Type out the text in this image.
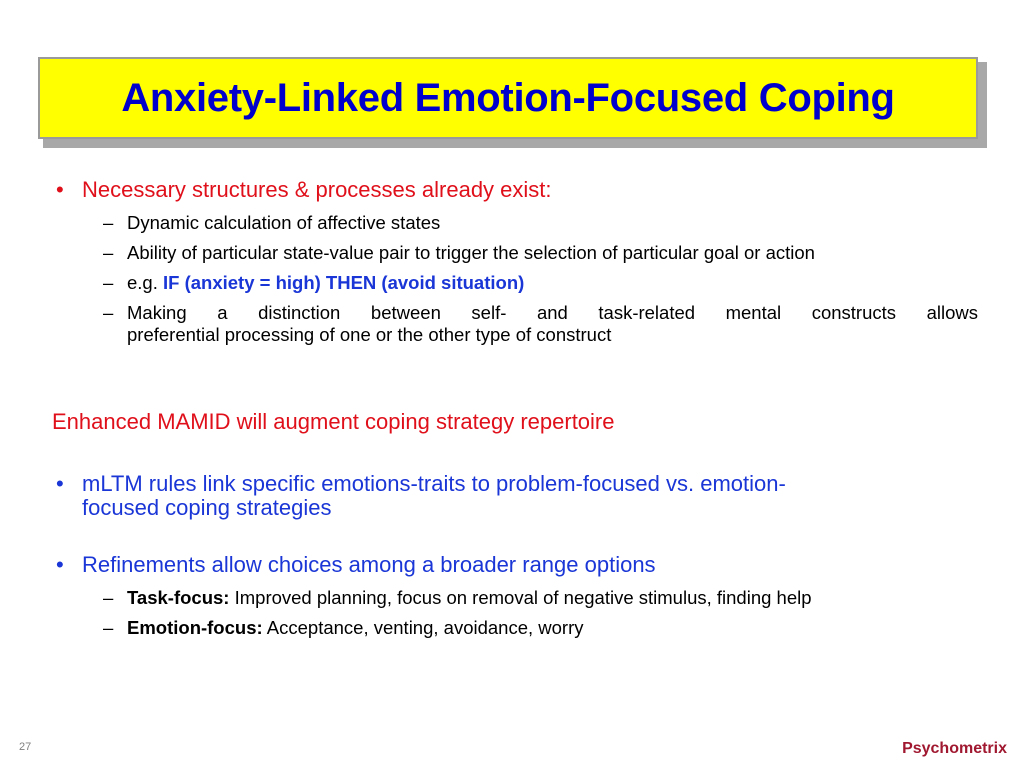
Anxiety-Linked Emotion-Focused Coping
• Necessary structures & processes already exist:
– Dynamic calculation of affective states
– Ability of particular state-value pair to trigger the selection of particular goal or action
– e.g. IF (anxiety = high) THEN (avoid situation)
– Making a distinction between self- and task-related mental constructs allows
preferential processing of one or the other type of construct
Enhanced MAMID will augment coping strategy repertoire
• mLTM rules link specific emotions-traits to problem-focused vs. emotion-
focused coping strategies
• Refinements allow choices among a broader range options
– Task-focus: Improved planning, focus on removal of negative stimulus, finding help
– Emotion-focus: Acceptance, venting, avoidance, worry
27	Psychometrix
